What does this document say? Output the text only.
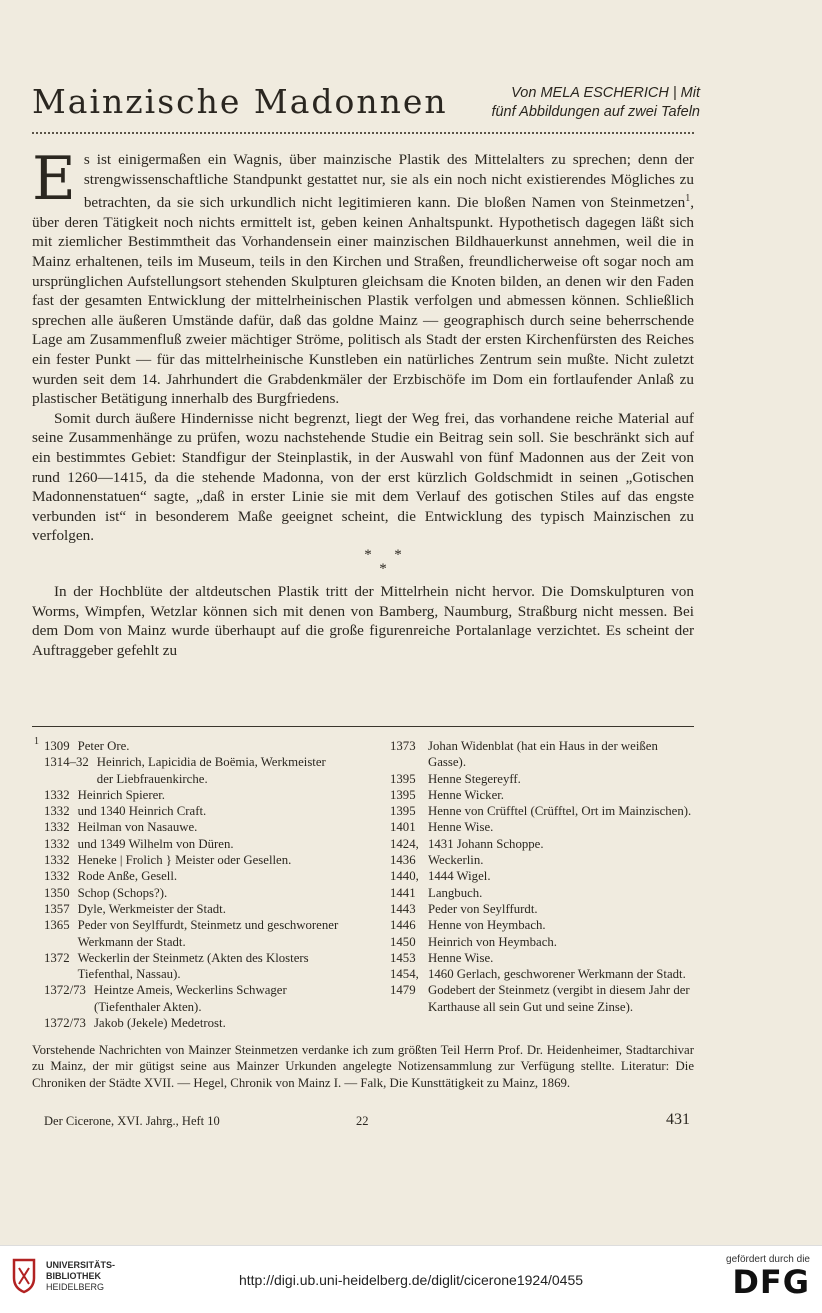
Mainzische Madonnen	Von MELA ESCHERICH | Mit
fünf Abbildungen auf zwei Tafeln

Es ist einigermaßen ein Wagnis, über mainzische Plastik des Mittelalters zu sprechen; denn der strengwissenschaftliche Standpunkt gestattet nur, sie als ein noch nicht existierendes Mögliches zu betrachten, da sie sich urkundlich nicht legitimieren kann. Die bloßen Namen von Steinmetzen$^1$, über deren Tätigkeit noch nichts ermittelt ist, geben keinen Anhaltspunkt. Hypothetisch dagegen läßt sich mit ziemlicher Bestimmtheit das Vorhandensein einer mainzischen Bildhauerkunst annehmen, weil die in Mainz erhaltenen, teils im Museum, teils in den Kirchen und Straßen, freundlicherweise oft sogar noch am ursprünglichen Aufstellungsort stehenden Skulpturen gleichsam die Knoten bilden, an denen wir den Faden fast der gesamten Entwicklung der mittelrheinischen Plastik verfolgen und abmessen können. Schließlich sprechen alle äußeren Umstände dafür, daß das goldne Mainz — geographisch durch seine beherrschende Lage am Zusammenfluß zweier mächtiger Ströme, politisch als Stadt der ersten Kirchenfürsten des Reiches ein fester Punkt — für das mittelrheinische Kunstleben ein natürliches Zentrum sein mußte. Nicht zuletzt wurden seit dem 14. Jahrhundert die Grabdenkmäler der Erzbischöfe im Dom ein fortlaufender Anlaß zu plastischer Betätigung innerhalb des Burgfriedens.

Somit durch äußere Hindernisse nicht begrenzt, liegt der Weg frei, das vorhandene reiche Material auf seine Zusammenhänge zu prüfen, wozu nachstehende Studie ein Beitrag sein soll. Sie beschränkt sich auf ein bestimmtes Gebiet: Standfigur der Steinplastik, in der Auswahl von fünf Madonnen aus der Zeit von rund 1260—1415, da die stehende Madonna, von der erst kürzlich Goldschmidt in seinen „Gotischen Madonnenstatuen“ sagte, „daß in erster Linie sie mit dem Verlauf des gotischen Stiles auf das engste verbunden ist“ in besonderem Maße geeignet scheint, die Entwicklung des typisch Mainzischen zu verfolgen.

*      *
*

In der Hochblüte der altdeutschen Plastik tritt der Mittelrhein nicht hervor. Die Domskulpturen von Worms, Wimpfen, Wetzlar können sich mit denen von Bamberg, Naumburg, Straßburg nicht messen. Bei dem Dom von Mainz wurde überhaupt auf die große figurenreiche Portalanlage verzichtet. Es scheint der Auftraggeber gefehlt zu

1 1309 Peter Ore.
1314–32 Heinrich, Lapicidia de Boëmia, Werkmeister der Liebfrauenkirche.
1332 Heinrich Spierer.
1332 und 1340 Heinrich Craft.
1332 Heilman von Nasauwe.
1332 und 1349 Wilhelm von Düren.
1332 Heneke | Frolich } Meister oder Gesellen.
1332 Rode Anße, Gesell.
1350 Schop (Schops?).
1357 Dyle, Werkmeister der Stadt.
1365 Peder von Seylffurdt, Steinmetz und geschworener Werkmann der Stadt.
1372 Weckerlin der Steinmetz (Akten des Klosters Tiefenthal, Nassau).
1372/73 Heintze Ameis, Weckerlins Schwager (Tiefenthaler Akten).
1372/73 Jakob (Jekele) Medetrost.
1373 Johan Widenblat (hat ein Haus in der weißen Gasse).
1395 Henne Stegereyff.
1395 Henne Wicker.
1395 Henne von Crüfftel (Crüfftel, Ort im Mainzischen).
1401 Henne Wise.
1424, 1431 Johann Schoppe.
1436 Weckerlin.
1440, 1444 Wigel.
1441 Langbuch.
1443 Peder von Seylffurdt.
1446 Henne von Heymbach.
1450 Heinrich von Heymbach.
1453 Henne Wise.
1454, 1460 Gerlach, geschworener Werkmann der Stadt.
1479 Godebert der Steinmetz (vergibt in diesem Jahr der Karthause all sein Gut und seine Zinse).
Vorstehende Nachrichten von Mainzer Steinmetzen verdanke ich zum größten Teil Herrn Prof. Dr. Heidenheimer, Stadtarchivar zu Mainz, der mir gütigst seine aus Mainzer Urkunden angelegte Notizensammlung zur Verfügung stellte. Literatur: Die Chroniken der Städte XVII. — Hegel, Chronik von Mainz I. — Falk, Die Kunsttätigkeit zu Mainz, 1869.
Der Cicerone, XVI. Jahrg., Heft 10	22	431
UNIVERSITÄTS-
BIBLIOTHEK
HEIDELBERG	http://digi.ub.uni-heidelberg.de/diglit/cicerone1924/0455
gefördert durch die
DFG
